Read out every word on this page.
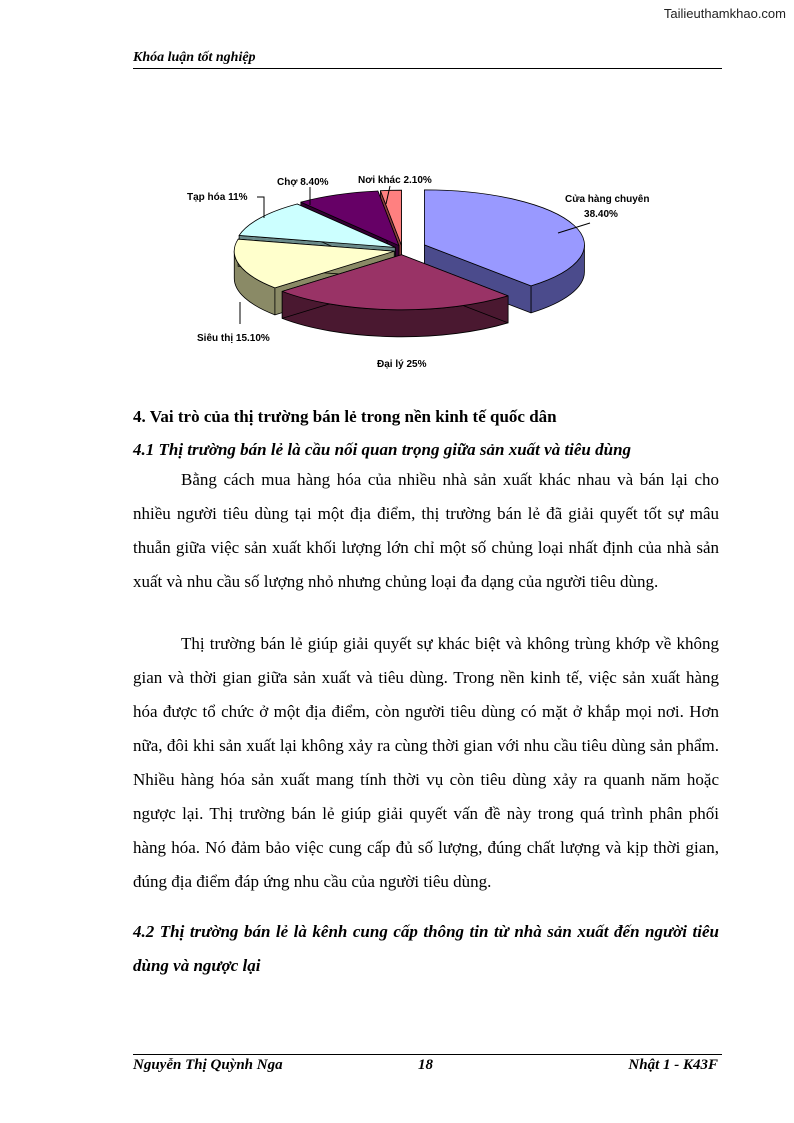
Tailieuthamkhao.com
Khóa luận tốt nghiệp
Cửa hàng chuyên
38.40%
Đại lý 25%
Siêu thị 15.10%
Tạp hóa 11%
Chợ 8.40%	Nơi khác 2.10%
4. Vai trò của thị trường bán lẻ trong nền kinh tế quốc dân

4.1 Thị trường bán lẻ là cầu nối quan trọng giữa sản xuất và tiêu dùng

Bằng cách mua hàng hóa của nhiều nhà sản xuất khác nhau và bán lại cho nhiều người tiêu dùng tại một địa điểm, thị trường bán lẻ đã giải quyết tốt sự mâu thuẫn giữa việc sản xuất khối lượng lớn chỉ một số chủng loại nhất định của nhà sản xuất và nhu cầu số lượng nhỏ nhưng chủng loại đa dạng của người tiêu dùng.

Thị trường bán lẻ giúp giải quyết sự khác biệt và không trùng khớp về không gian và thời gian giữa sản xuất và tiêu dùng. Trong nền kinh tế, việc sản xuất hàng hóa được tổ chức ở một địa điểm, còn người tiêu dùng có mặt ở khắp mọi nơi. Hơn nữa, đôi khi sản xuất lại không xảy ra cùng thời gian với nhu cầu tiêu dùng sản phẩm. Nhiều hàng hóa sản xuất mang tính thời vụ còn tiêu dùng xảy ra quanh năm hoặc ngược lại. Thị trường bán lẻ giúp giải quyết vấn đề này trong quá trình phân phối hàng hóa. Nó đảm bảo việc cung cấp đủ số lượng, đúng chất lượng và kịp thời gian, đúng địa điểm đáp ứng nhu cầu của người tiêu dùng.

4.2 Thị trường bán lẻ là kênh cung cấp thông tin từ nhà sản xuất đến người tiêu dùng và ngược lại

Nguyễn Thị Quỳnh Nga	18	Nhật 1 - K43F
